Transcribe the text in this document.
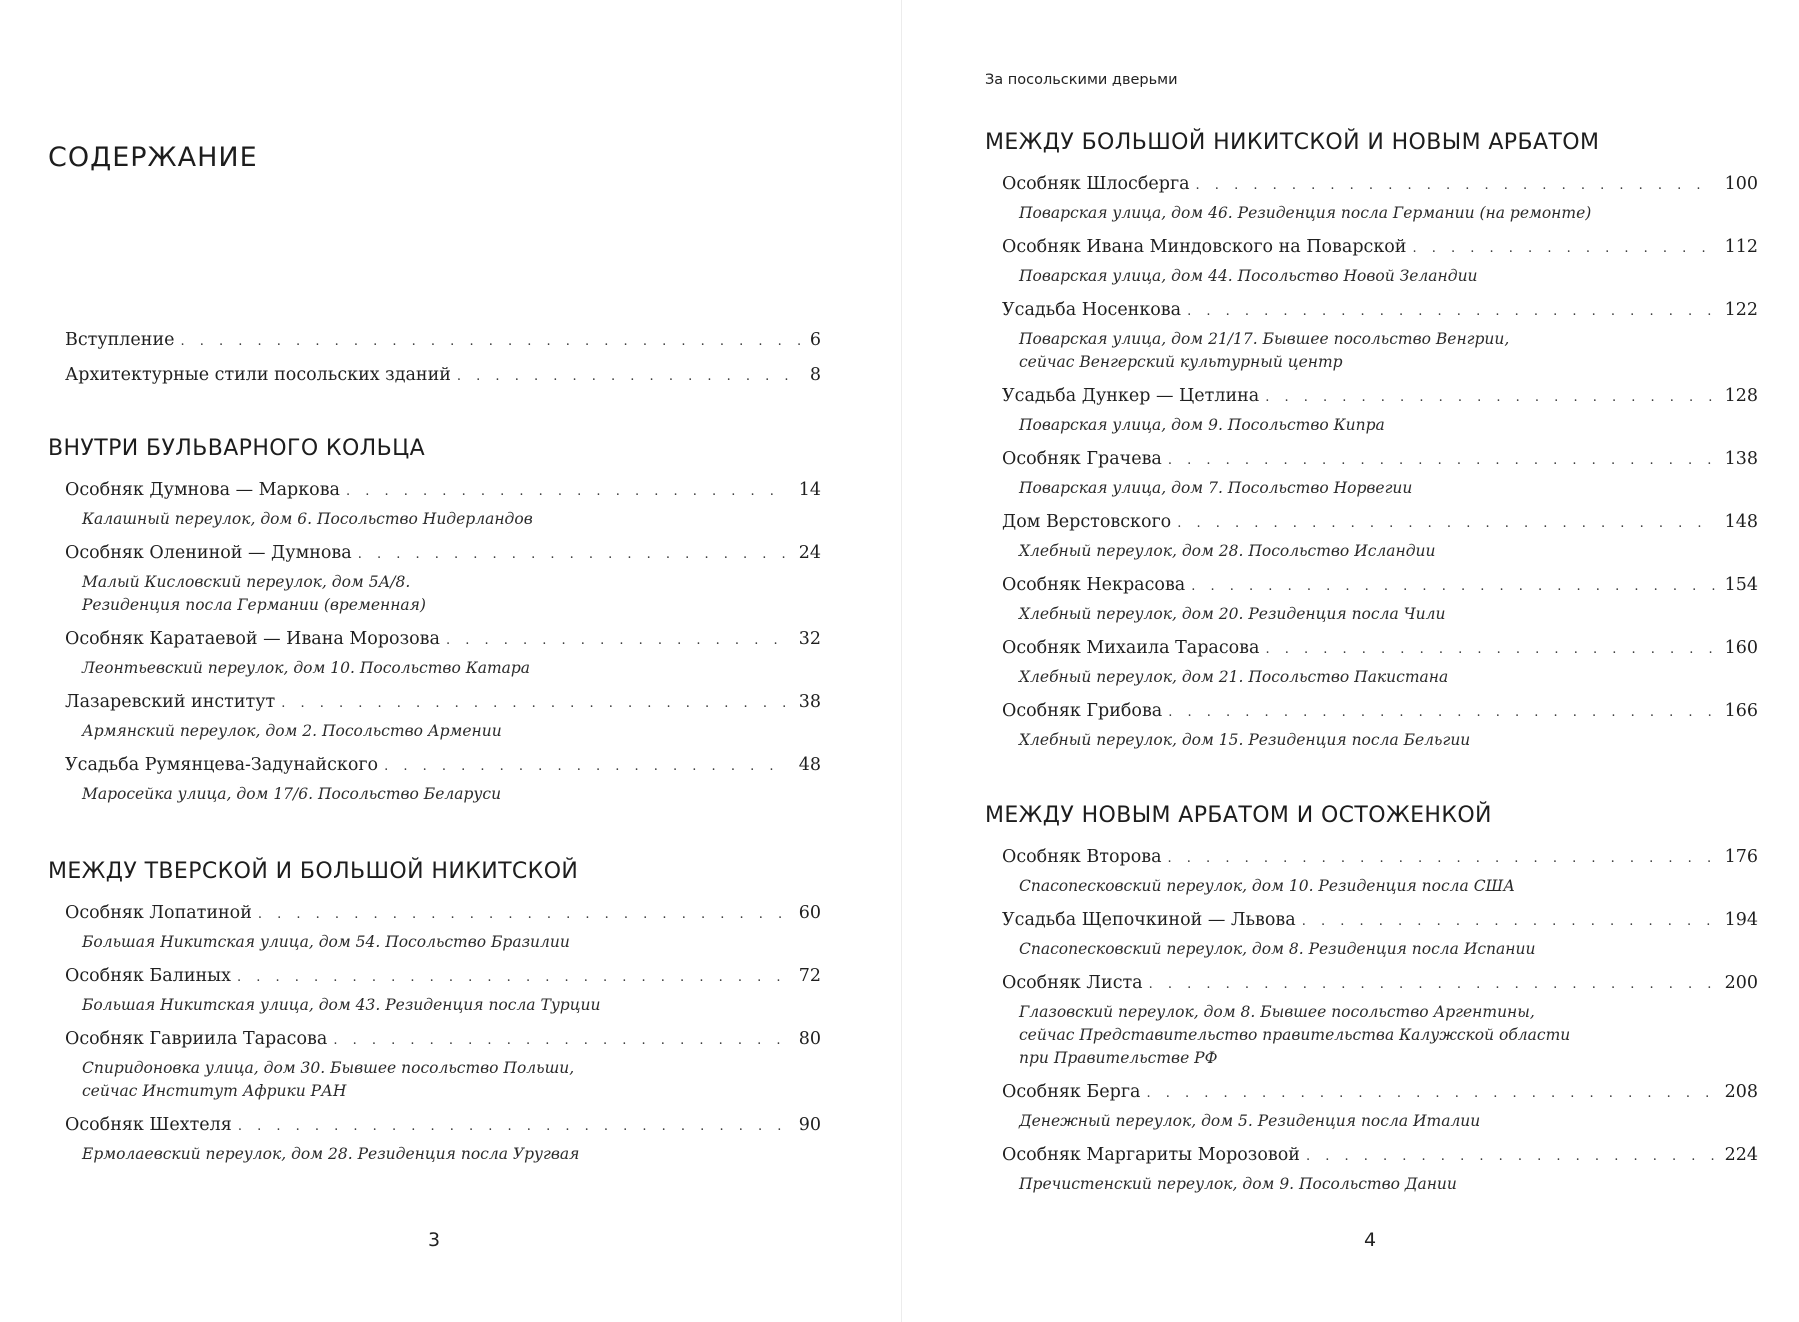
СОДЕРЖАНИЕ
Вступление . . .	6
Архитектурные стили посольских зданий . . .	8
ВНУТРИ БУЛЬВАРНОГО КОЛЬЦА
Особняк Думнова — Маркова . . .	14
Калашный переулок, дом 6. Посольство Нидерландов
Особняк Олениной — Думнова . . .	24
Малый Кисловский переулок, дом 5А/8.
Резиденция посла Германии (временная)
Особняк Каратаевой — Ивана Морозова . . .	32
Леонтьевский переулок, дом 10. Посольство Катара
Лазаревский институт . . .	38
Армянский переулок, дом 2. Посольство Армении
Усадьба Румянцева-Задунайского . . .	48
Маросейка улица, дом 17/6. Посольство Беларуси
МЕЖДУ ТВЕРСКОЙ И БОЛЬШОЙ НИКИТСКОЙ
Особняк Лопатиной . . .	60
Большая Никитская улица, дом 54. Посольство Бразилии
Особняк Балиных . . .	72
Большая Никитская улица, дом 43. Резиденция посла Турции
Особняк Гавриила Тарасова . . .	80
Спиридоновка улица, дом 30. Бывшее посольство Польши,
сейчас Институт Африки РАН
Особняк Шехтеля . . .	90
Ермолаевский переулок, дом 28. Резиденция посла Уругвая
МЕЖДУ БОЛЬШОЙ НИКИТСКОЙ И НОВЫМ АРБАТОМ
Особняк Шлосберга . . .	100
Поварская улица, дом 46. Резиденция посла Германии (на ремонте)
Особняк Ивана Миндовского на Поварской . . .	112
Поварская улица, дом 44. Посольство Новой Зеландии
Усадьба Носенкова . . .	122
Поварская улица, дом 21/17. Бывшее посольство Венгрии,
сейчас Венгерский культурный центр
Усадьба Дункер — Цетлина . . .	128
Поварская улица, дом 9. Посольство Кипра
Особняк Грачева . . .	138
Поварская улица, дом 7. Посольство Норвегии
Дом Верстовского . . .	148
Хлебный переулок, дом 28. Посольство Исландии
Особняк Некрасова . . .	154
Хлебный переулок, дом 20. Резиденция посла Чили
Особняк Михаила Тарасова . . .	160
Хлебный переулок, дом 21. Посольство Пакистана
Особняк Грибова . . .	166
Хлебный переулок, дом 15. Резиденция посла Бельгии
МЕЖДУ НОВЫМ АРБАТОМ И ОСТОЖЕНКОЙ
Особняк Второва . . .	176
Спасопесковский переулок, дом 10. Резиденция посла США
Усадьба Щепочкиной — Львова . . .	194
Спасопесковский переулок, дом 8. Резиденция посла Испании
Особняк Листа . . .	200
Глазовский переулок, дом 8. Бывшее посольство Аргентины,
сейчас Представительство правительства Калужской области
при Правительстве РФ
Особняк Берга . . .	208
Денежный переулок, дом 5. Резиденция посла Италии
Особняк Маргариты Морозовой . . .	224
Пречистенский переулок, дом 9. Посольство Дании
За посольскими дверьми
3	4
